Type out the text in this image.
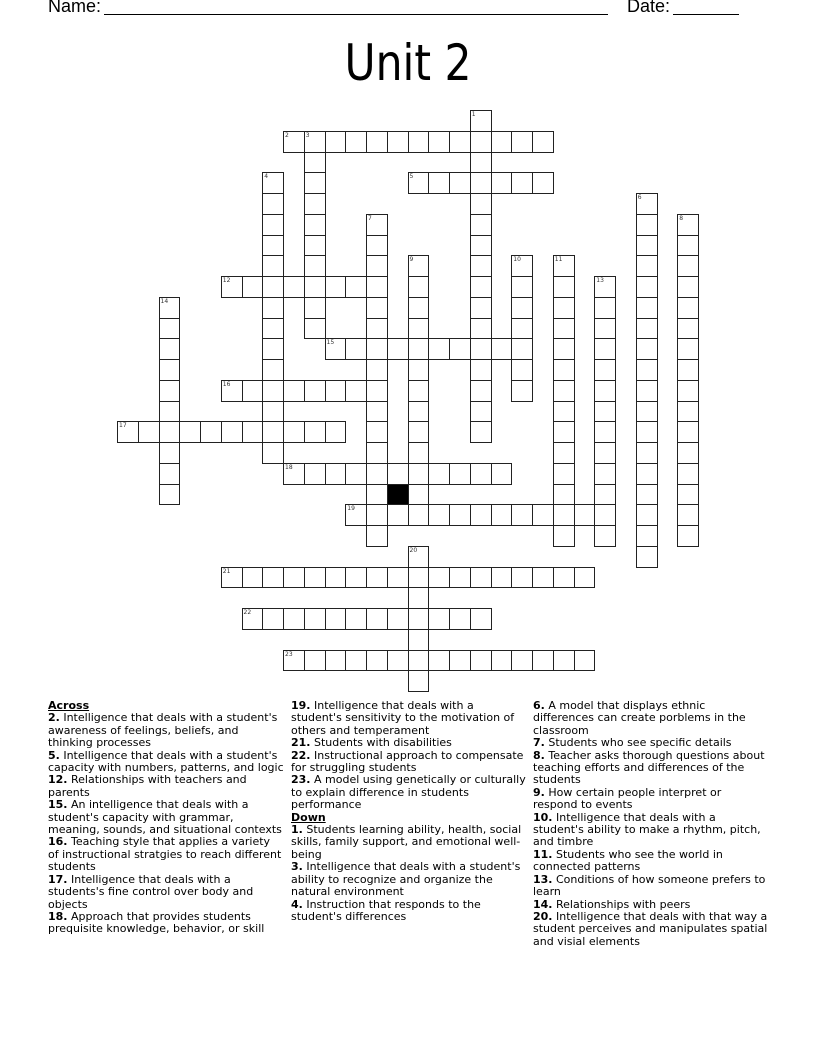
Name:	Date:
Unit 2
2	3
5
12
15
16
17
18
19
21
22
23
1
4
6
7	8
9	10	11
13
14
20
Across
2. Intelligence that deals with a student's awareness of feelings, beliefs, and thinking processes
5. Intelligence that deals with a student's capacity with numbers, patterns, and logic
12. Relationships with teachers and parents
15. An intelligence that deals with a student's capacity with grammar, meaning, sounds, and situational contexts
16. Teaching style that applies a variety of instructional stratgies to reach different students
17. Intelligence that deals with a students's fine control over body and objects
18. Approach that provides students prequisite knowledge, behavior, or skill
19. Intelligence that deals with a student's sensitivity to the motivation of others and temperament
21. Students with disabilities
22. Instructional approach to compensate for struggling students
23. A model using genetically or culturally to explain difference in students performance
Down
1. Students learning ability, health, social skills, family support, and emotional well-being
3. Intelligence that deals with a student's ability to recognize and organize the natural environment
4. Instruction that responds to the student's differences
6. A model that displays ethnic differences can create porblems in the classroom
7. Students who see specific details
8. Teacher asks thorough questions about teaching efforts and differences of the students
9. How certain people interpret or respond to events
10. Intelligence that deals with a student's ability to make a rhythm, pitch, and timbre
11. Students who see the world in connected patterns
13. Conditions of how someone prefers to learn
14. Relationships with peers
20. Intelligence that deals with that way a student perceives and manipulates spatial and visial elements
